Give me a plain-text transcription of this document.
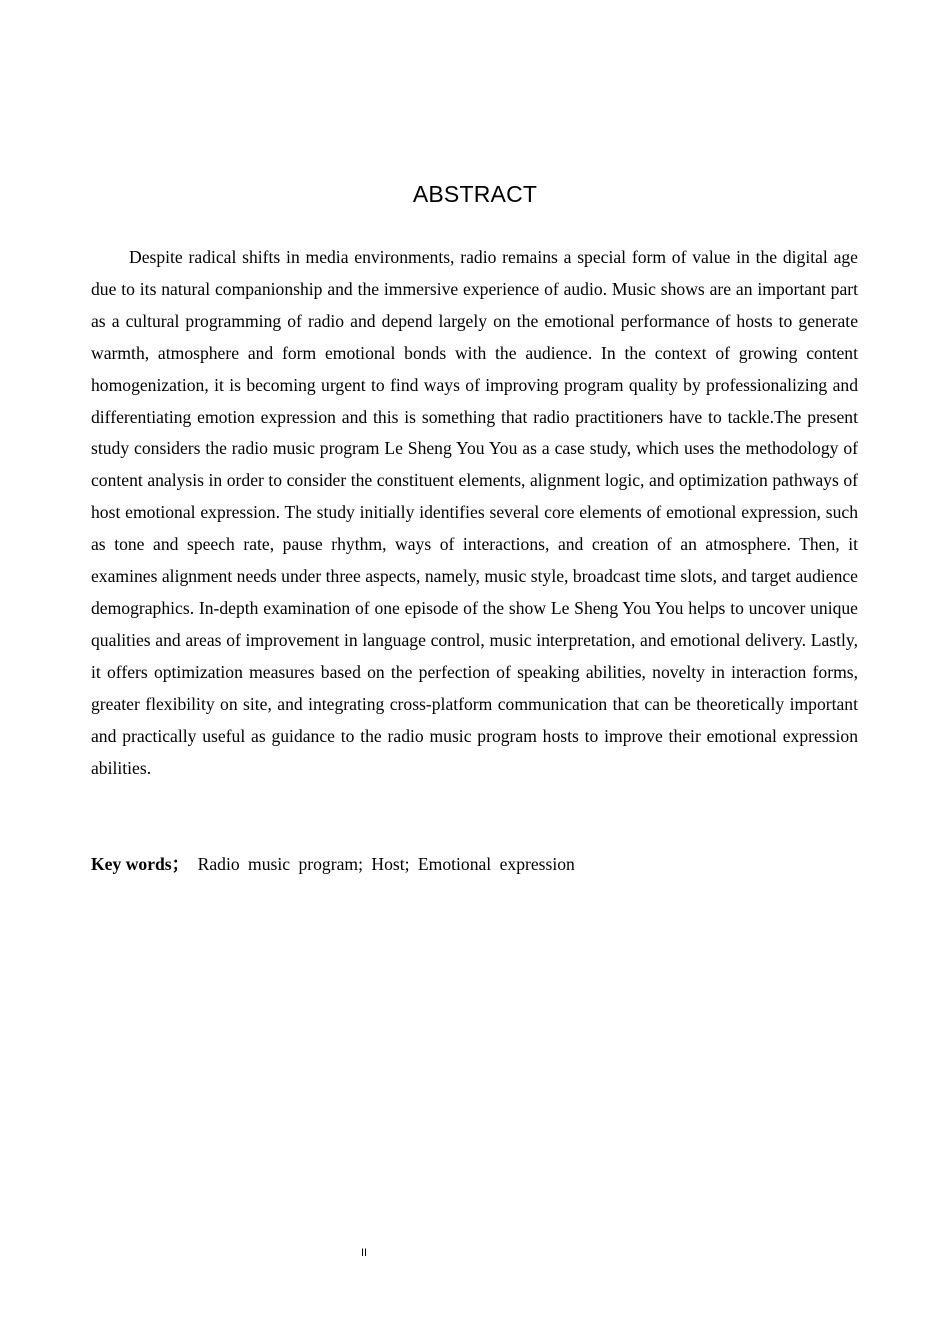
ABSTRACT

Despite radical shifts in media environments, radio remains a special form of value in the digital age due to its natural companionship and the immersive experience of audio. Music shows are an important part as a cultural programming of radio and depend largely on the emotional performance of hosts to generate warmth, atmosphere and form emotional bonds with the audience. In the context of growing content homogenization, it is becoming urgent to find ways of improving program quality by professionalizing and differentiating emotion expression and this is something that radio practitioners have to tackle.The present study considers the radio music program Le Sheng You You as a case study, which uses the methodology of content analysis in order to consider the constituent elements, alignment logic, and optimization pathways of host emotional expression. The study initially identifies several core elements of emotional expression, such as tone and speech rate, pause rhythm, ways of interactions, and creation of an atmosphere. Then, it examines alignment needs under three aspects, namely, music style, broadcast time slots, and target audience demographics. In-depth examination of one episode of the show Le Sheng You You helps to uncover unique qualities and areas of improvement in language control, music interpretation, and emotional delivery. Lastly, it offers optimization measures based on the perfection of speaking abilities, novelty in interaction forms, greater flexibility on site, and integrating cross-platform communication that can be theoretically important and practically useful as guidance to the radio music program hosts to improve their emotional expression abilities.

Key words； Radio music program; Host; Emotional expression
II
